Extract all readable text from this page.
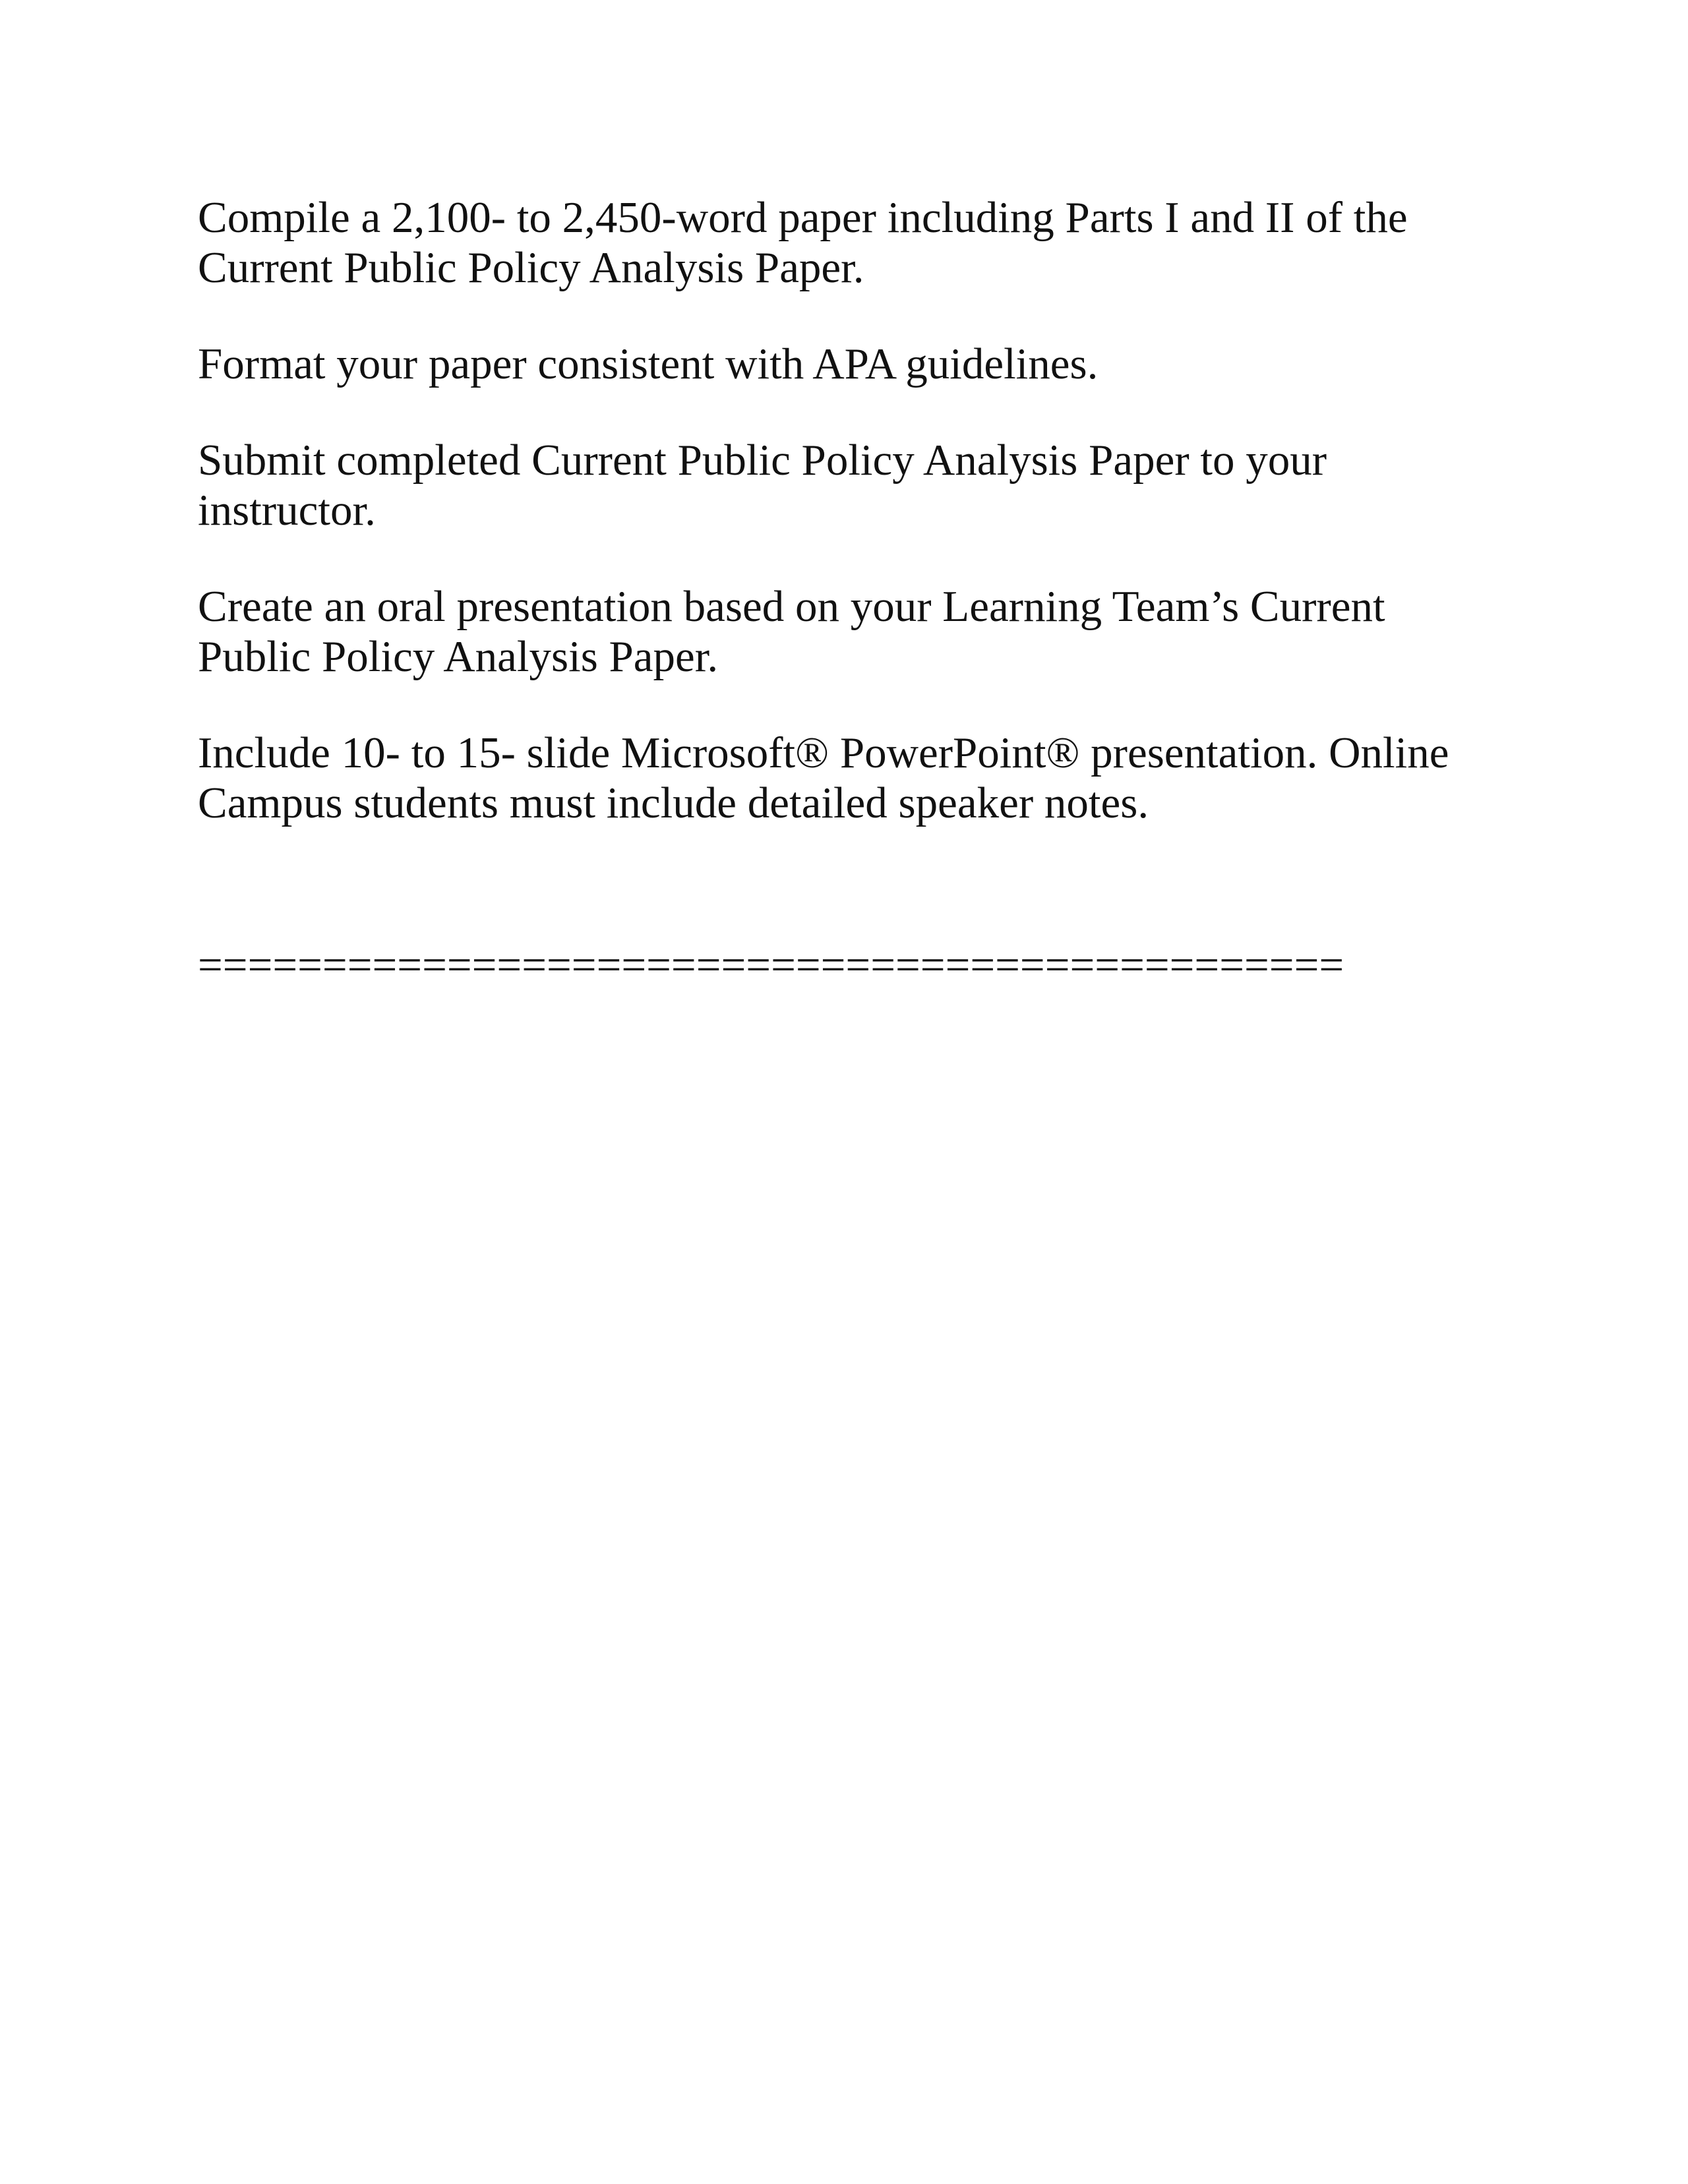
Compile a 2,100- to 2,450-word paper including Parts I and II of the
Current Public Policy Analysis Paper.

Format your paper consistent with APA guidelines.

Submit completed Current Public Policy Analysis Paper to your
instructor.

Create an oral presentation based on your Learning Team’s Current
Public Policy Analysis Paper.

Include 10- to 15- slide Microsoft® PowerPoint® presentation. Online
Campus students must include detailed speaker notes.

==============================================
